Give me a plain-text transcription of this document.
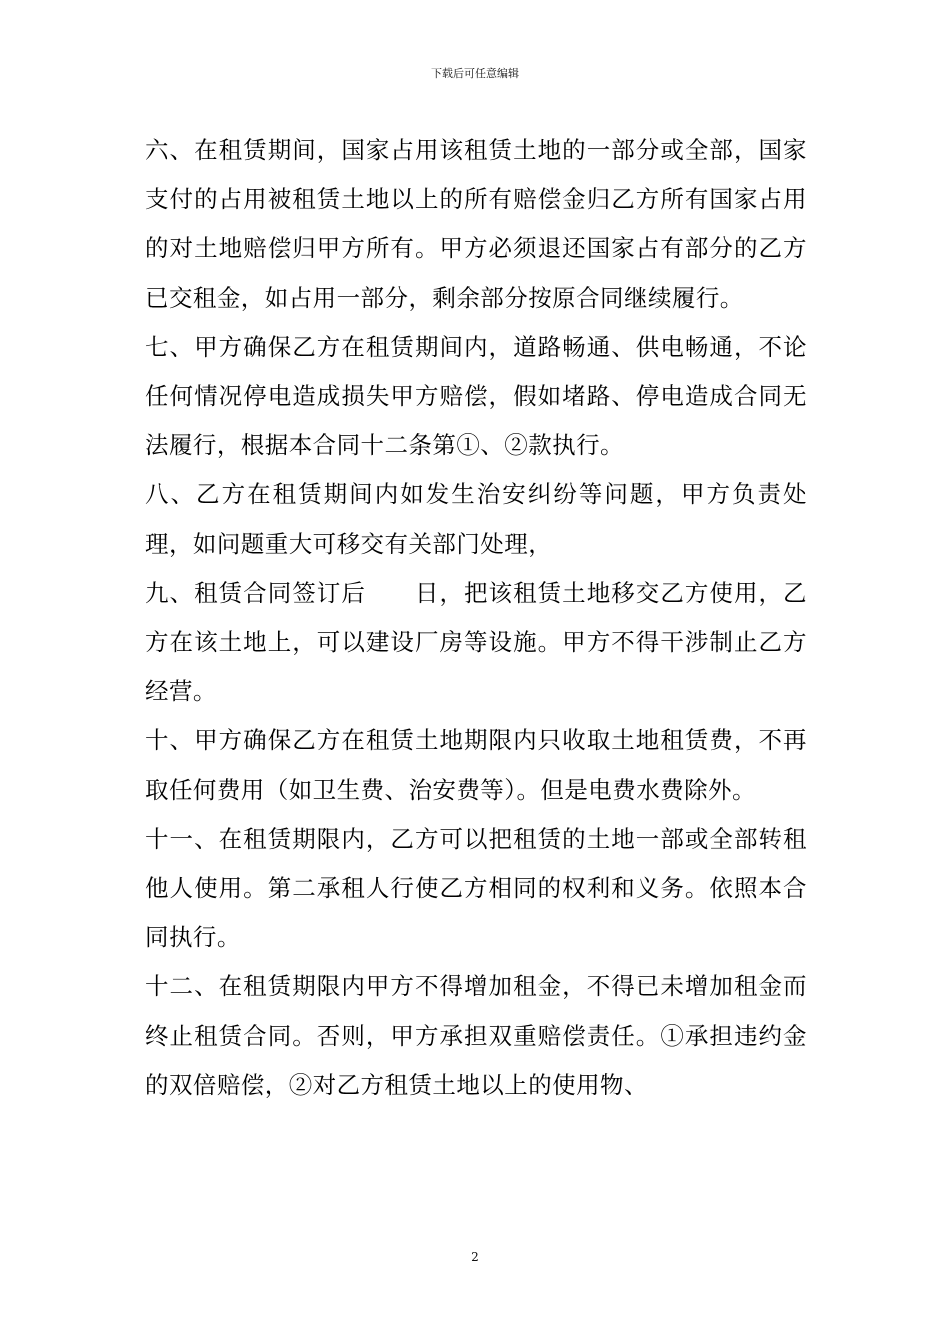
下载后可任意编辑

六、在租赁期间，国家占用该租赁土地的一部分或全部，国家支付的占用被租赁土地以上的所有赔偿金归乙方所有国家占用的对土地赔偿归甲方所有。甲方必须退还国家占有部分的乙方已交租金，如占用一部分，剩余部分按原合同继续履行。

七、甲方确保乙方在租赁期间内，道路畅通、供电畅通，不论任何情况停电造成损失甲方赔偿，假如堵路、停电造成合同无法履行，根据本合同十二条第①、②款执行。

八、乙方在租赁期间内如发生治安纠纷等问题，甲方负责处理，如问题重大可移交有关部门处理，

九、租赁合同签订后　　日，把该租赁土地移交乙方使用，乙方在该土地上，可以建设厂房等设施。甲方不得干涉制止乙方经营。

十、甲方确保乙方在租赁土地期限内只收取土地租赁费，不再取任何费用（如卫生费、治安费等）。但是电费水费除外。

十一、在租赁期限内，乙方可以把租赁的土地一部或全部转租他人使用。第二承租人行使乙方相同的权利和义务。依照本合同执行。

十二、在租赁期限内甲方不得增加租金，不得已未增加租金而终止租赁合同。否则，甲方承担双重赔偿责任。①承担违约金的双倍赔偿，②对乙方租赁土地以上的使用物、

2
